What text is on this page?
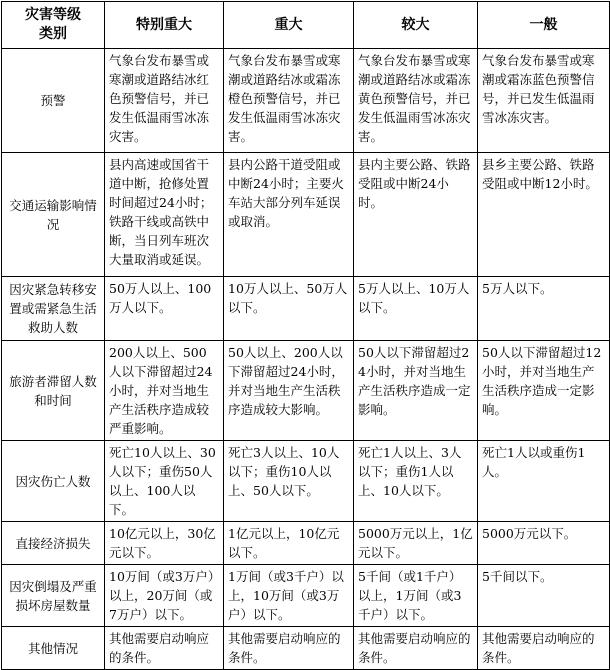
灾害等级
类别	特别重大	重大	较大	一般
预警	气象台发布暴雪或寒潮或道路结冰红色预警信号，并已发生低温雨雪冰冻灾害。	气象台发布暴雪或寒潮或道路结冰或霜冻橙色预警信号，并已发生低温雨雪冰冻灾害。	气象台发布暴雪或寒潮或道路结冰或霜冻黄色预警信号，并已发生低温雨雪冰冻灾害。	气象台发布暴雪或寒潮或霜冻蓝色预警信号，并已发生低温雨雪冰冻灾害。
交通运输影响情况	县内高速或国省干道中断，抢修处置时间超过24小时；铁路干线或高铁中断，当日列车班次大量取消或延误。	县内公路干道受阻或中断24小时；主要火车站大部分列车延误或取消。	县内主要公路、铁路受阻或中断24小时。	县乡主要公路、铁路受阻或中断12小时。
因灾紧急转移安置或需紧急生活救助人数	50万人以上、100万人以下。	10万人以上、50万人以下。	5万人以上、10万人以下。	5万人以下。
旅游者滞留人数和时间	200人以上、500人以下滞留超过24小时，并对当地生产生活秩序造成较严重影响。	50人以上、200人以下滞留超过24小时，并对当地生产生活秩序造成较大影响。	50人以下滞留超过24小时，并对当地生产生活秩序造成一定影响。	50人以下滞留超过12小时，并对当地生产生活秩序造成一定影响。
因灾伤亡人数	死亡10人以上、30人以下；重伤50人以上、100人以下。	死亡3人以上、10人以下；重伤10人以上、50人以下。	死亡1人以上、3人以下；重伤1人以上、10人以下。	死亡1人以或重伤1人。
直接经济损失	10亿元以上，30亿元以下。	1亿元以上，10亿元以下。	5000万元以上，1亿元以下。	5000万元以下。
因灾倒塌及严重损坏房屋数量	10万间（或3万户）以上，20万间（或7万户）以下。	1万间（或3千户）以上，10万间（或3万户）以下。	5千间（或1千户）以上，1万间（或3千户）以下。	5千间以下。
其他情况	其他需要启动响应的条件。	其他需要启动响应的条件。	其他需要启动响应的条件。	其他需要启动响应的条件。
